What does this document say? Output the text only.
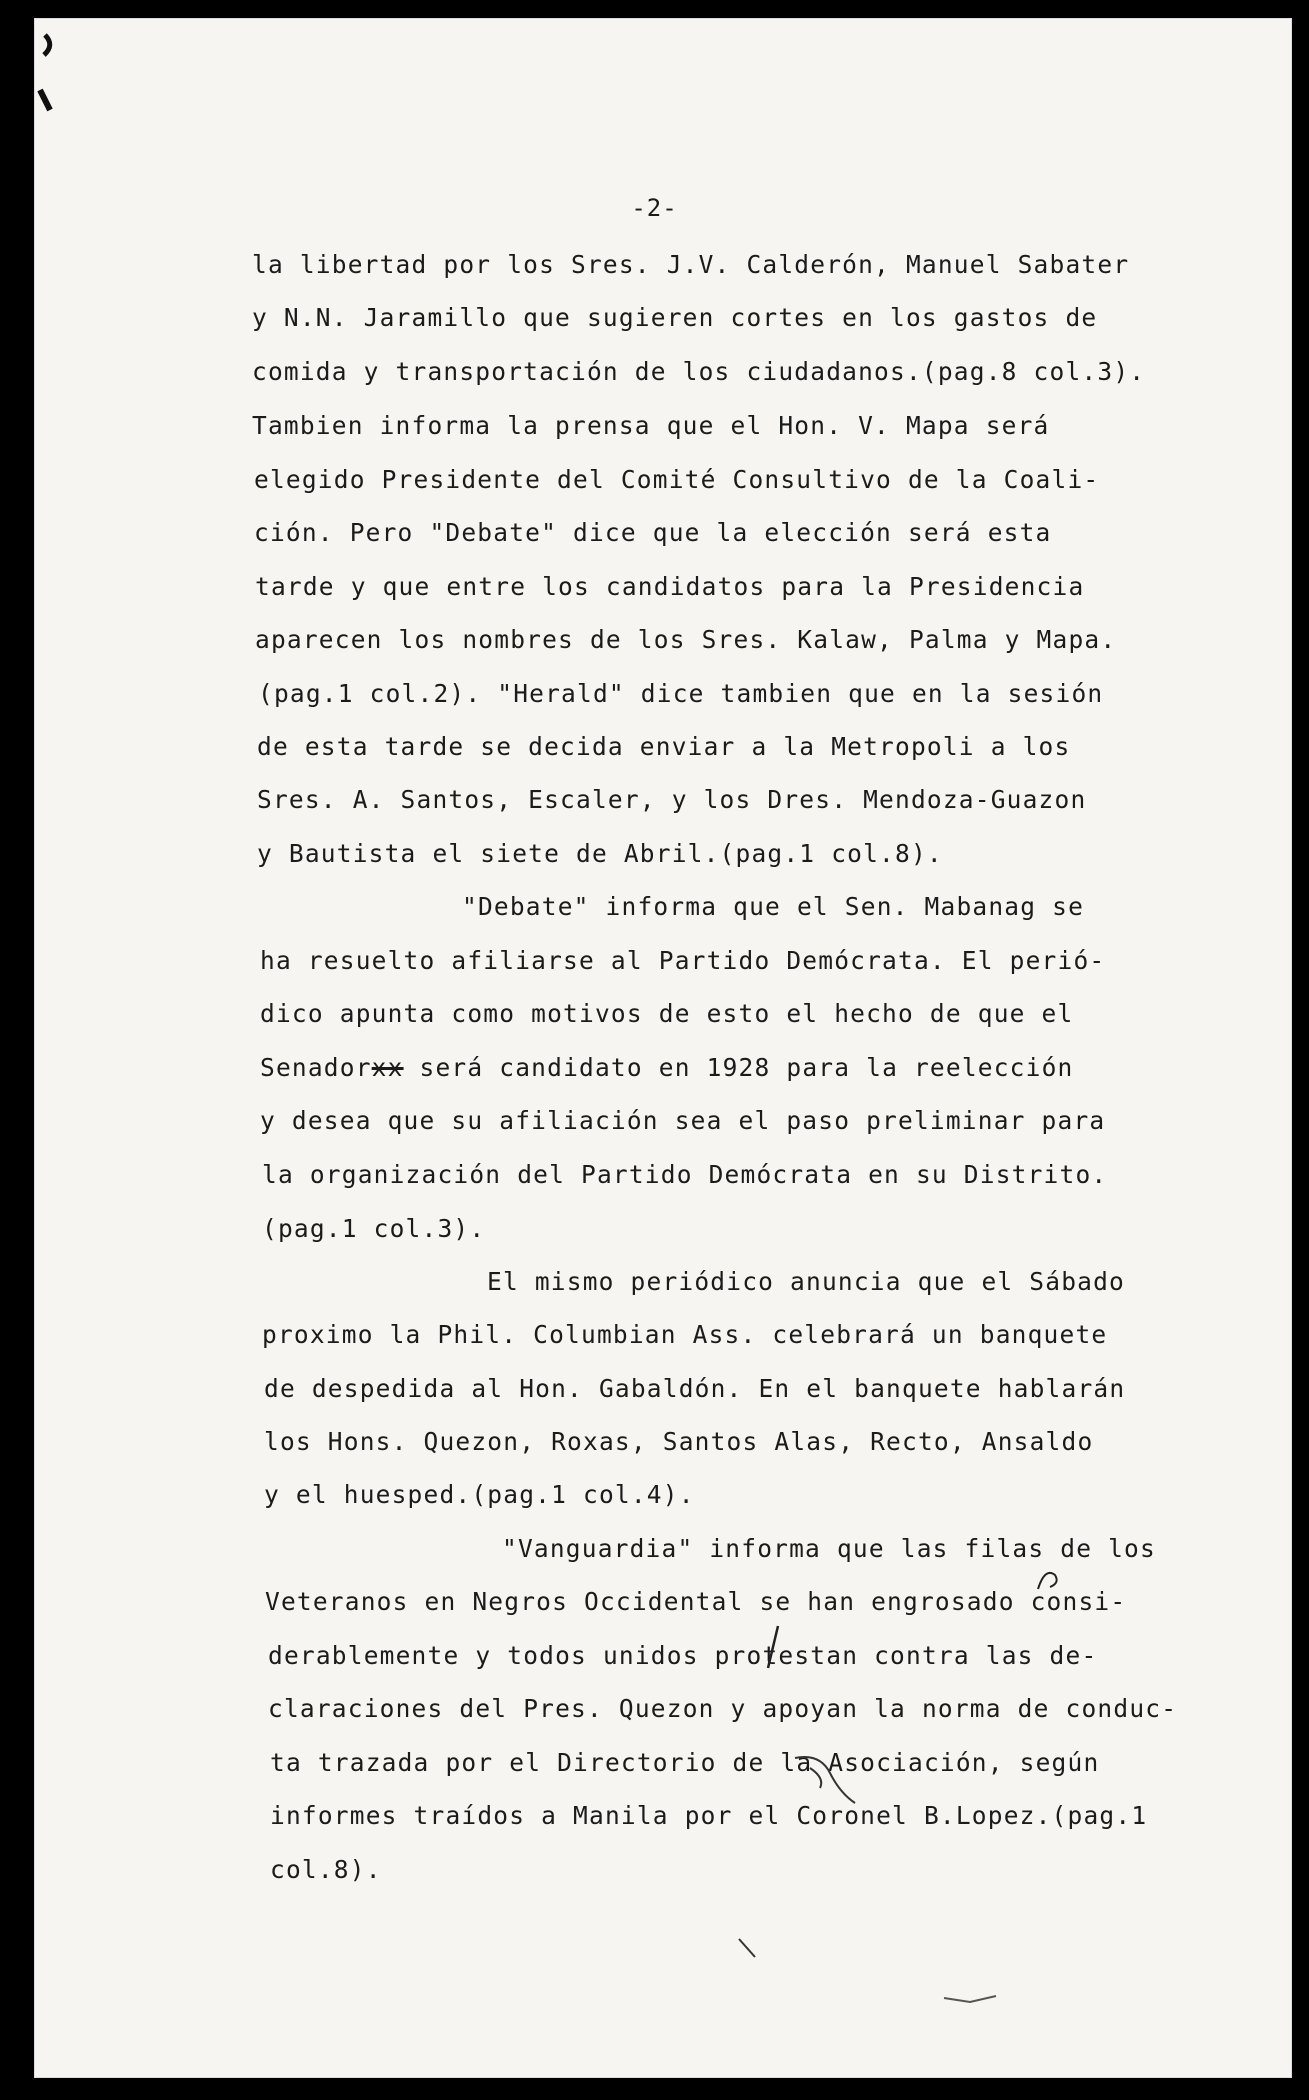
-2-
la libertad por los Sres. J.V. Calderón, Manuel Sabater
y N.N. Jaramillo que sugieren cortes en los gastos de
comida y transportación de los ciudadanos.(pag.8 col.3).
Tambien informa la prensa que el Hon. V. Mapa será
elegido Presidente del Comité Consultivo de la Coali-
ción. Pero "Debate" dice que la elección será esta
tarde y que entre los candidatos para la Presidencia
aparecen los nombres de los Sres. Kalaw, Palma y Mapa.
(pag.1 col.2). "Herald" dice tambien que en la sesión
de esta tarde se decida enviar a la Metropoli a los
Sres. A. Santos, Escaler, y los Dres. Mendoza-Guazon
y Bautista el siete de Abril.(pag.1 col.8).
"Debate" informa que el Sen. Mabanag se
ha resuelto afiliarse al Partido Demócrata. El perió-
dico apunta como motivos de esto el hecho de que el
Senadorxx será candidato en 1928 para la reelección
y desea que su afiliación sea el paso preliminar para
la organización del Partido Demócrata en su Distrito.
(pag.1 col.3).
El mismo periódico anuncia que el Sábado
proximo la Phil. Columbian Ass. celebrará un banquete
de despedida al Hon. Gabaldón. En el banquete hablarán
los Hons. Quezon, Roxas, Santos Alas, Recto, Ansaldo
y el huesped.(pag.1 col.4).
"Vanguardia" informa que las filas de los
Veteranos en Negros Occidental se han engrosado consi-
derablemente y todos unidos protestan contra las de-
claraciones del Pres. Quezon y apoyan la norma de conduc-
ta trazada por el Directorio de la Asociación, según
informes traídos a Manila por el Coronel B.Lopez.(pag.1
col.8).
